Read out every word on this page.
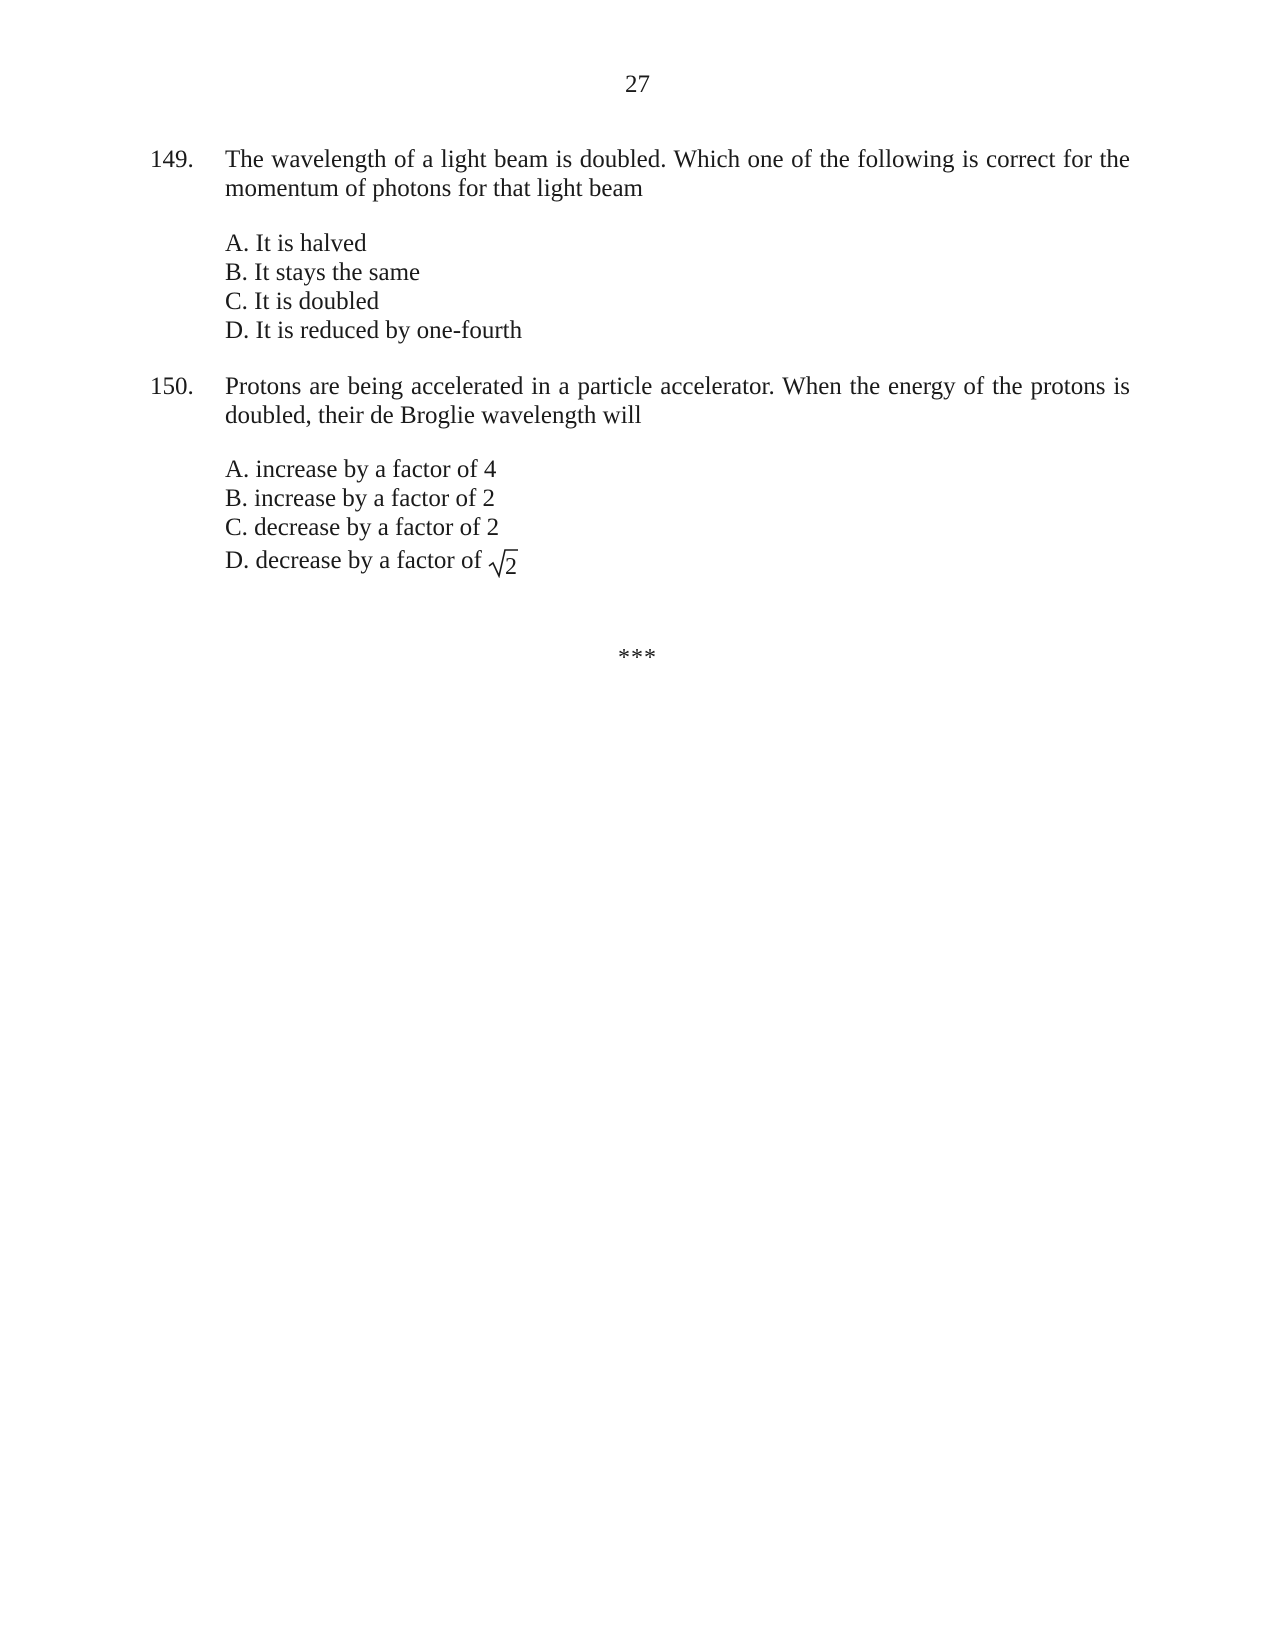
27
149. The wavelength of a light beam is doubled. Which one of the following is correct for the
momentum of photons for that light beam
A. It is halved
B. It stays the same
C. It is doubled
D. It is reduced by one-fourth
150. Protons are being accelerated in a particle accelerator. When the energy of the protons is
doubled, their de Broglie wavelength will
A. increase by a factor of 4
B. increase by a factor of 2
C. decrease by a factor of 2
D. decrease by a factor of 2
***
